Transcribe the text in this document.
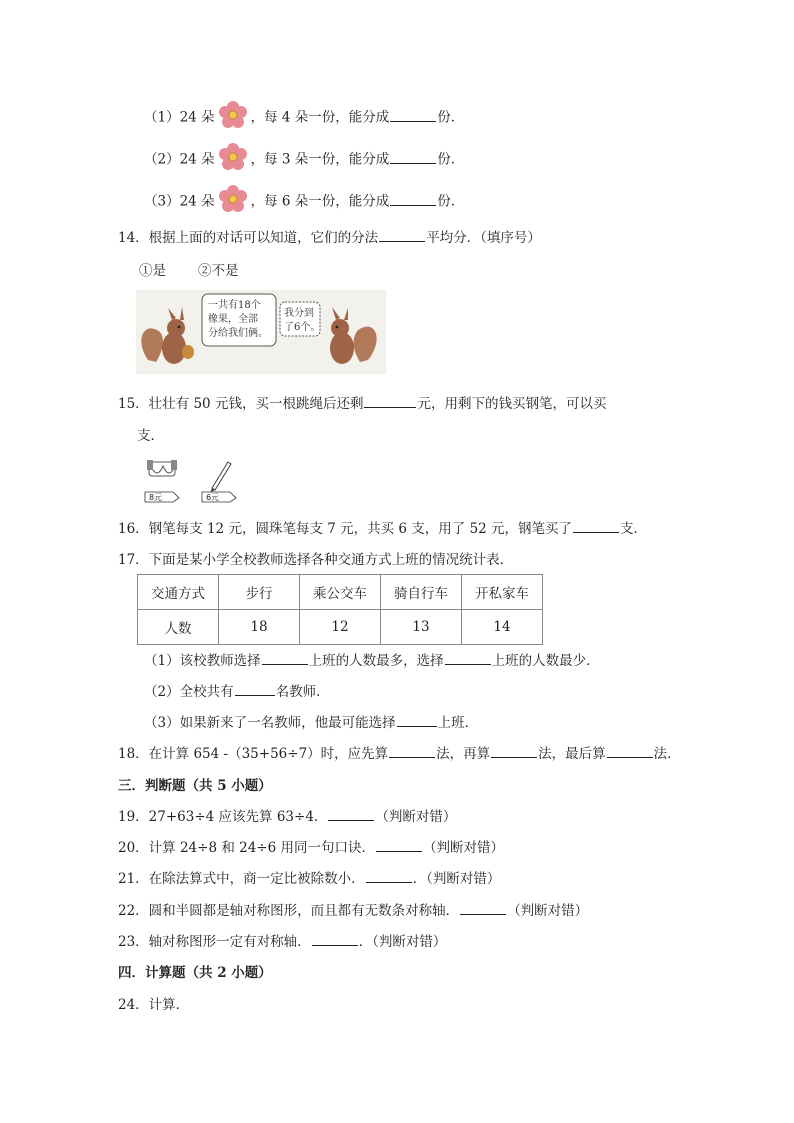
（1）24 朵	，每 4 朵一份，能分成	份．
（2）24 朵	，每 3 朵一份，能分成	份．
（3）24 朵	，每 6 朵一份，能分成	份．
14．根据上面的对话可以知道，它们的分法	平均分．（填序号）
①是 ②不是
一共有18个
橡果，全部
分给我们俩。
我分到
了6个。
15．壮壮有 50 元钱，买一根跳绳后还剩	元，用剩下的钱买钢笔，可以买
支．
8元	6元
16．钢笔每支 12 元，圆珠笔每支 7 元，共买 6 支，用了 52 元，钢笔买了	支．
17．下面是某小学全校教师选择各种交通方式上班的情况统计表．
交通方式	步行	乘公交车	骑自行车	开私家车
人数	18	12	13	14
（1）该校教师选择	上班的人数最多，选择	上班的人数最少．
（2）全校共有	名教师．
（3）如果新来了一名教师，他最可能选择	上班．
18．在计算 654 -（35+56÷7）时，应先算	法，再算	法，最后算	法．
三．判断题（共 5 小题）
19．27+63÷4 应该先算 63÷4．	（判断对错）
20．计算 24÷8 和 24÷6 用同一句口诀．	（判断对错）
21．在除法算式中，商一定比被除数小．	．（判断对错）
22．圆和半圆都是轴对称图形，而且都有无数条对称轴．	（判断对错）
23．轴对称图形一定有对称轴．	．（判断对错）
四．计算题（共 2 小题）
24．计算．
